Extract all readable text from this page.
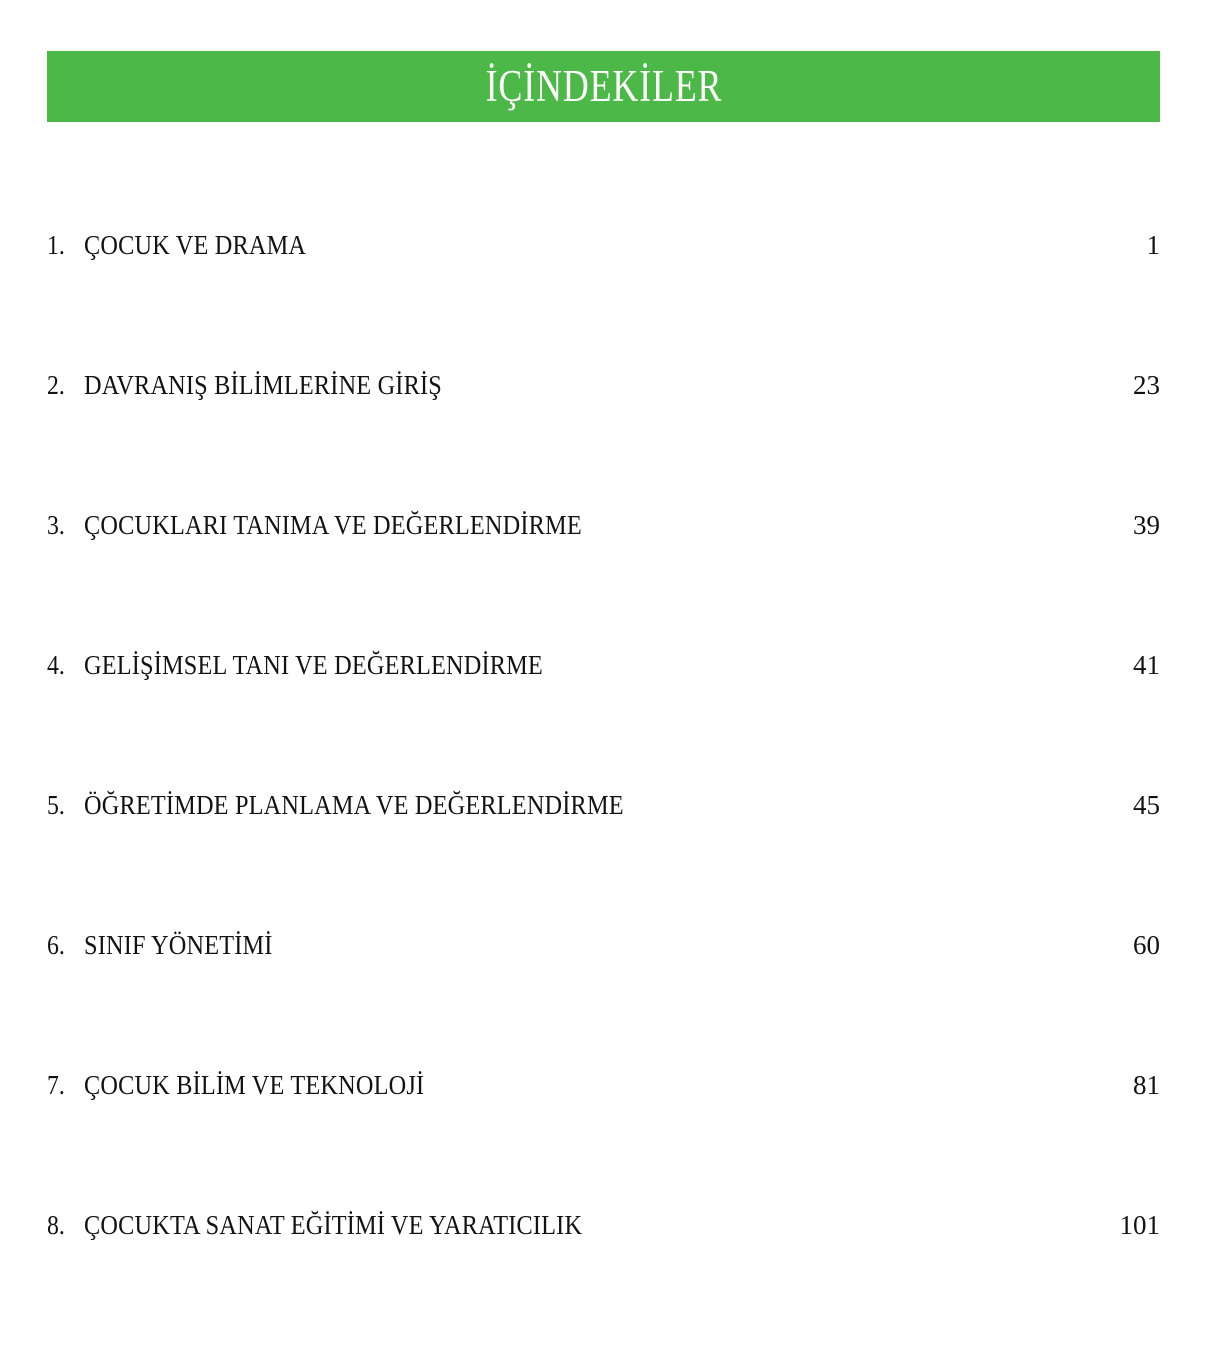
İÇİNDEKİLER
1. ÇOCUK VE DRAMA	1
2. DAVRANIŞ BİLİMLERİNE GİRİŞ	23
3. ÇOCUKLARI TANIMA VE DEĞERLENDİRME	39
4. GELİŞİMSEL TANI VE DEĞERLENDİRME	41
5. ÖĞRETİMDE PLANLAMA VE DEĞERLENDİRME	45
6. SINIF YÖNETİMİ	60
7. ÇOCUK BİLİM VE TEKNOLOJİ	81
8. ÇOCUKTA SANAT EĞİTİMİ VE YARATICILIK	101
